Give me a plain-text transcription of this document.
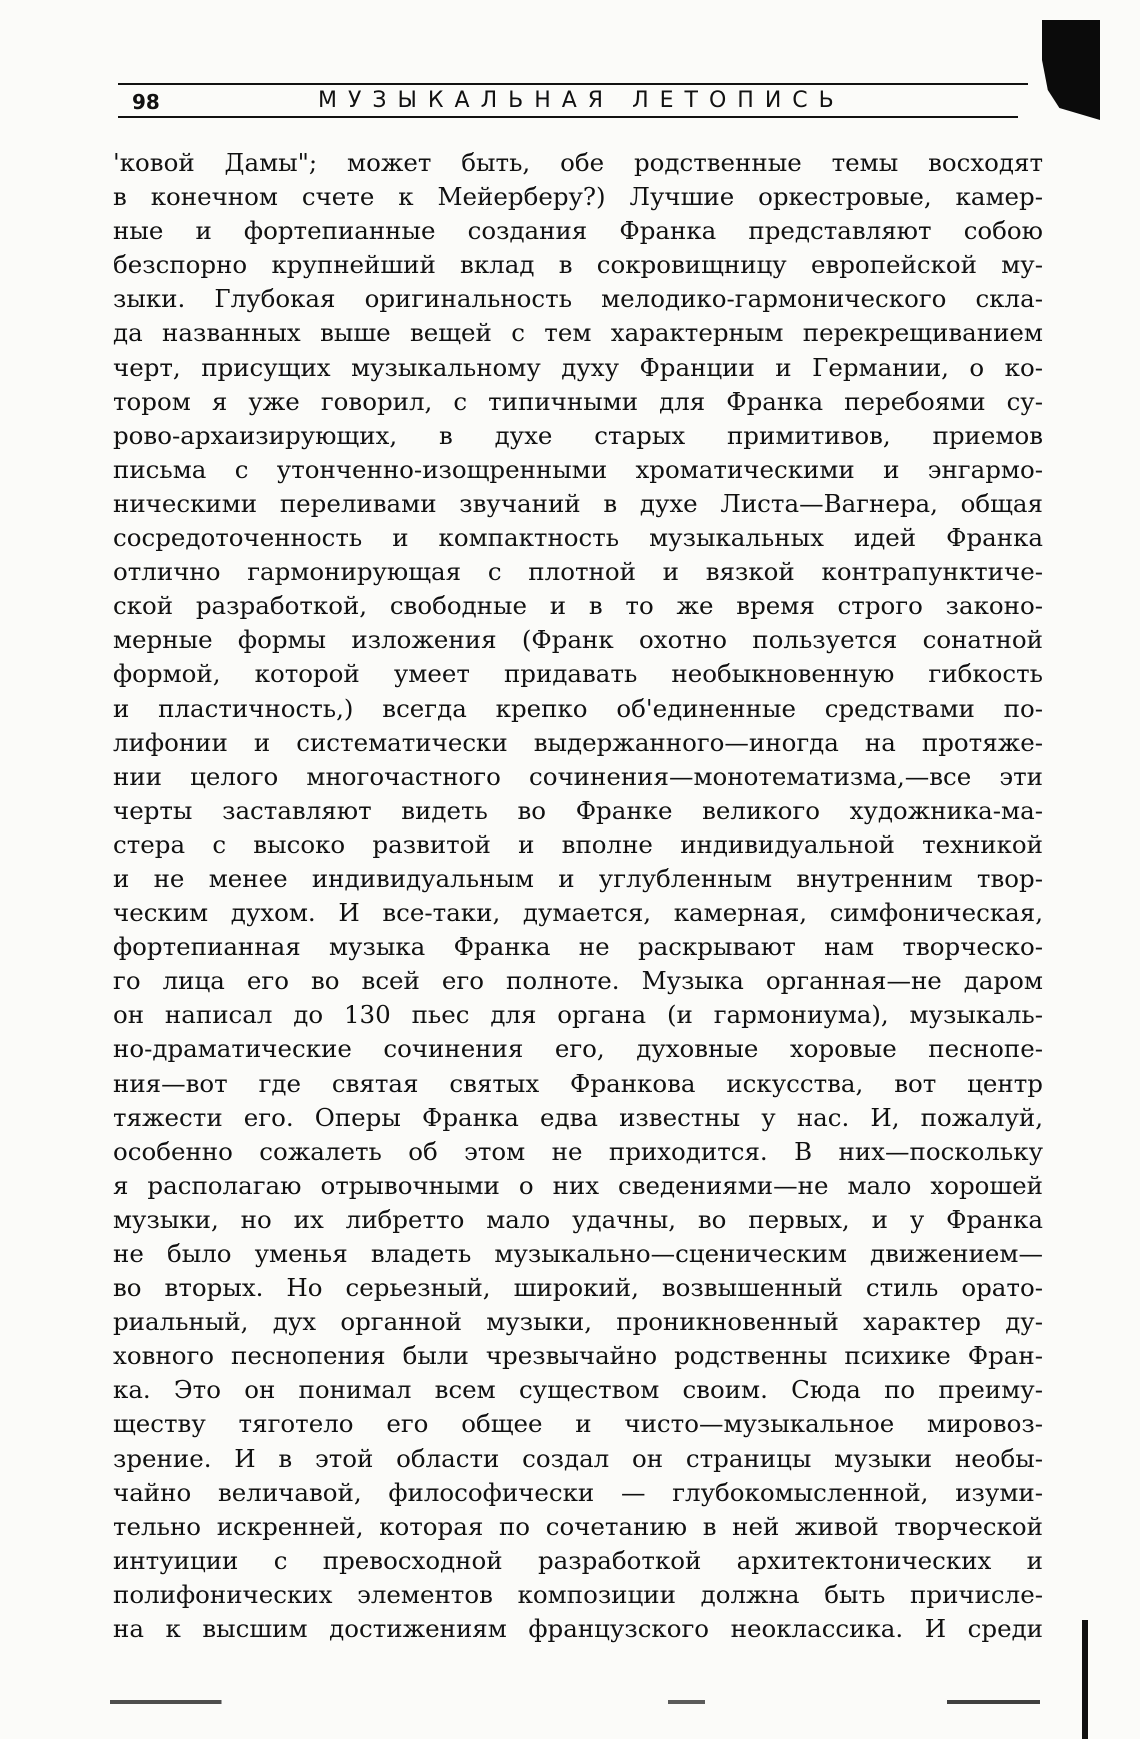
98	МУЗЫКАЛЬНАЯ ЛЕТОПИСЬ
'ковой Дамы"; может быть, обе родственные темы восходят
в конечном счете к Мейерберу?) Лучшие оркестровые, камер-
ные и фортепианные создания Франка представляют собою
безспорно крупнейший вклад в сокровищницу европейской му-
зыки. Глубокая оригинальность мелодико-гармонического скла-
да названных выше вещей с тем характерным перекрещиванием
черт, присущих музыкальному духу Франции и Германии, о ко-
тором я уже говорил, с типичными для Франка перебоями су-
рово-архаизирующих, в духе старых примитивов, приемов
письма с утонченно-изощренными хроматическими и энгармо-
ническими переливами звучаний в духе Листа—Вагнера, общая
сосредоточенность и компактность музыкальных идей Франка
отлично гармонирующая с плотной и вязкой контрапунктиче-
ской разработкой, свободные и в то же время строго законо-
мерные формы изложения (Франк охотно пользуется сонатной
формой, которой умеет придавать необыкновенную гибкость
и пластичность,) всегда крепко об'единенные средствами по-
лифонии и систематически выдержанного—иногда на протяже-
нии целого многочастного сочинения—монотематизма,—все эти
черты заставляют видеть во Франке великого художника-ма-
стера с высоко развитой и вполне индивидуальной техникой
и не менее индивидуальным и углубленным внутренним твор-
ческим духом. И все-таки, думается, камерная, симфоническая,
фортепианная музыка Франка не раскрывают нам творческо-
го лица его во всей его полноте. Музыка органная—не даром
он написал до 130 пьес для органа (и гармониума), музыкаль-
но-драматические сочинения его, духовные хоровые песнопе-
ния—вот где святая святых Франкова искусства, вот центр
тяжести его. Оперы Франка едва известны у нас. И, пожалуй,
особенно сожалеть об этом не приходится. В них—поскольку
я располагаю отрывочными о них сведениями—не мало хорошей
музыки, но их либретто мало удачны, во первых, и у Франка
не было уменья владеть музыкально—сценическим движением—
во вторых. Но серьезный, широкий, возвышенный стиль орато-
риальный, дух органной музыки, проникновенный характер ду-
ховного песнопения были чрезвычайно родственны психике Фран-
ка. Это он понимал всем существом своим. Сюда по преиму-
ществу тяготело его общее и чисто—музыкальное мировоз-
зрение. И в этой области создал он страницы музыки необы-
чайно величавой, философически — глубокомысленной, изуми-
тельно искренней, которая по сочетанию в ней живой творческой
интуиции с превосходной разработкой архитектонических и
полифонических элементов композиции должна быть причисле-
на к высшим достижениям французского неоклассика. И среди
